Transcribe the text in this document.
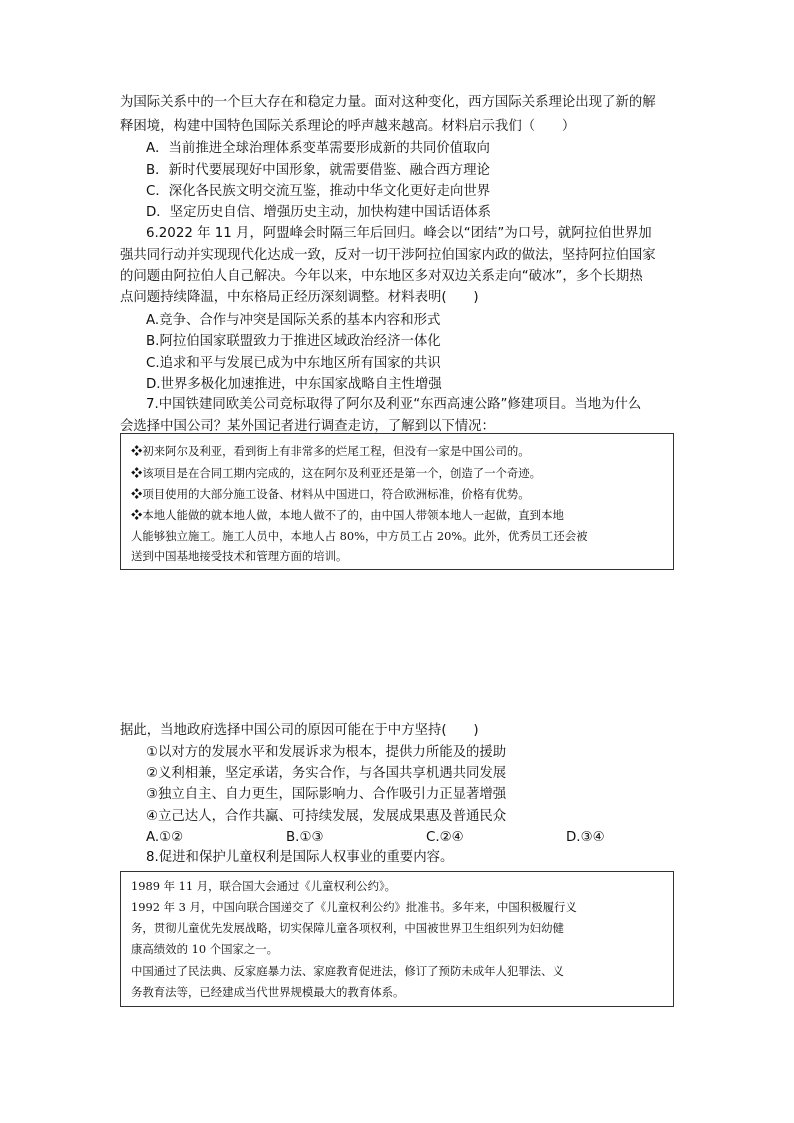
为国际关系中的一个巨大存在和稳定力量。面对这种变化，西方国际关系理论出现了新的解
释困境，构建中国特色国际关系理论的呼声越来越高。材料启示我们（　　）
A．当前推进全球治理体系变革需要形成新的共同价值取向
B．新时代要展现好中国形象，就需要借鉴、融合西方理论
C．深化各民族文明交流互鉴，推动中华文化更好走向世界
D．坚定历史自信、增强历史主动，加快构建中国话语体系
6.2022 年 11 月，阿盟峰会时隔三年后回归。峰会以“团结”为口号，就阿拉伯世界加
强共同行动并实现现代化达成一致，反对一切干涉阿拉伯国家内政的做法，坚持阿拉伯国家
的问题由阿拉伯人自己解决。今年以来，中东地区多对双边关系走向“破冰”，多个长期热
点问题持续降温，中东格局正经历深刻调整。材料表明(　　)
A.竞争、合作与冲突是国际关系的基本内容和形式
B.阿拉伯国家联盟致力于推进区域政治经济一体化
C.追求和平与发展已成为中东地区所有国家的共识
D.世界多极化加速推进，中东国家战略自主性增强
7.中国铁建同欧美公司竞标取得了阿尔及利亚“东西高速公路”修建项目。当地为什么
会选择中国公司？某外国记者进行调查走访，了解到以下情况：
❖初来阿尔及利亚，看到街上有非常多的烂尾工程，但没有一家是中国公司的。
❖该项目是在合同工期内完成的，这在阿尔及利亚还是第一个，创造了一个奇迹。
❖项目使用的大部分施工设备、材料从中国进口，符合欧洲标准，价格有优势。
❖本地人能做的就本地人做，本地人做不了的，由中国人带领本地人一起做，直到本地
人能够独立施工。施工人员中，本地人占 80%，中方员工占 20%。此外，优秀员工还会被
送到中国基地接受技术和管理方面的培训。
据此，当地政府选择中国公司的原因可能在于中方坚持(　　)
①以对方的发展水平和发展诉求为根本，提供力所能及的援助
②义利相兼，坚定承诺，务实合作，与各国共享机遇共同发展
③独立自主、自力更生，国际影响力、合作吸引力正显著增强
④立己达人，合作共赢、可持续发展，发展成果惠及普通民众
A.①②	B.①③	C.②④	D.③④
8.促进和保护儿童权利是国际人权事业的重要内容。
1989 年 11 月，联合国大会通过《儿童权利公约》。
1992 年 3 月，中国向联合国递交了《儿童权利公约》批准书。多年来，中国积极履行义
务，贯彻儿童优先发展战略，切实保障儿童各项权利，中国被世界卫生组织列为妇幼健
康高绩效的 10 个国家之一。
中国通过了民法典、反家庭暴力法、家庭教育促进法，修订了预防未成年人犯罪法、义
务教育法等，已经建成当代世界规模最大的教育体系。
